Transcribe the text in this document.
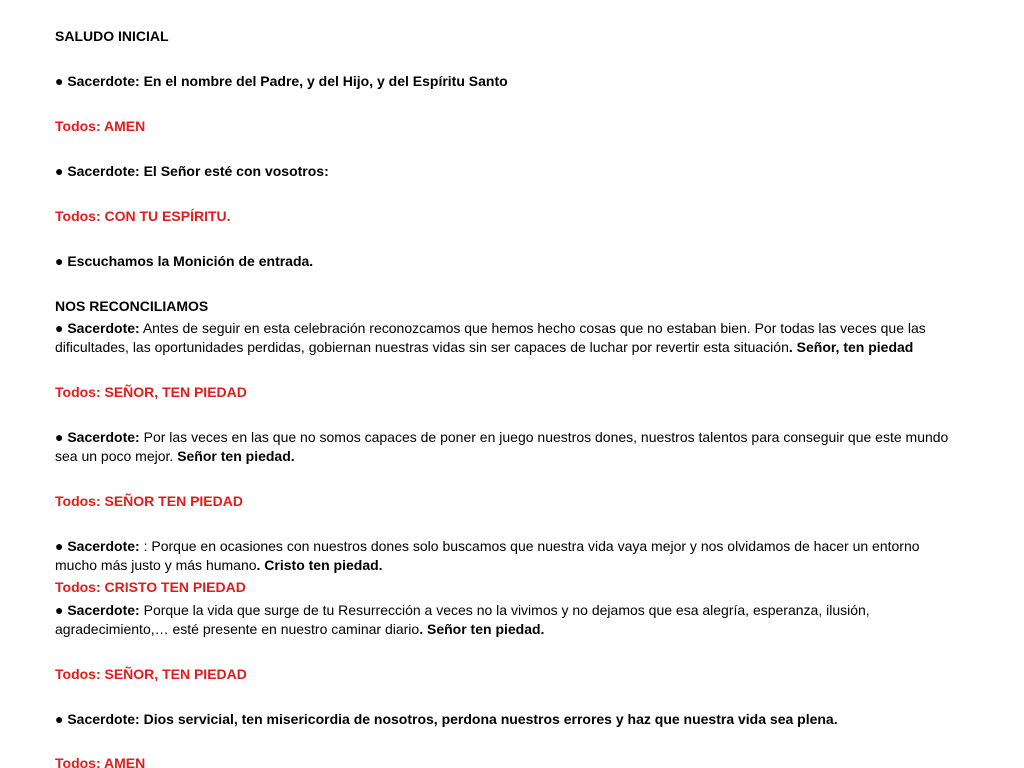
SALUDO INICIAL

● Sacerdote: En el nombre del Padre, y del Hijo, y del Espíritu Santo

Todos: AMEN

● Sacerdote: El Señor esté con vosotros:

Todos: CON TU ESPÍRITU.

● Escuchamos la Monición de entrada.

NOS RECONCILIAMOS

● Sacerdote: Antes de seguir en esta celebración reconozcamos que hemos hecho cosas que no estaban bien. Por todas las veces que las dificultades, las oportunidades perdidas, gobiernan nuestras vidas sin ser capaces de luchar por revertir esta situación. Señor, ten piedad

Todos: SEÑOR, TEN PIEDAD

● Sacerdote: Por las veces en las que no somos capaces de poner en juego nuestros dones, nuestros talentos para conseguir que este mundo sea un poco mejor. Señor ten piedad.

Todos: SEÑOR TEN PIEDAD

● Sacerdote: : Porque en ocasiones con nuestros dones solo buscamos que nuestra vida vaya mejor y nos olvidamos de hacer un entorno mucho más justo y más humano. Cristo ten piedad.

Todos: CRISTO TEN PIEDAD

● Sacerdote: Porque la vida que surge de tu Resurrección a veces no la vivimos y no dejamos que esa alegría, esperanza, ilusión, agradecimiento,… esté presente en nuestro caminar diario. Señor ten piedad.

Todos: SEÑOR, TEN PIEDAD

● Sacerdote: Dios servicial, ten misericordia de nosotros, perdona nuestros errores y haz que nuestra vida sea plena.

Todos: AMEN
